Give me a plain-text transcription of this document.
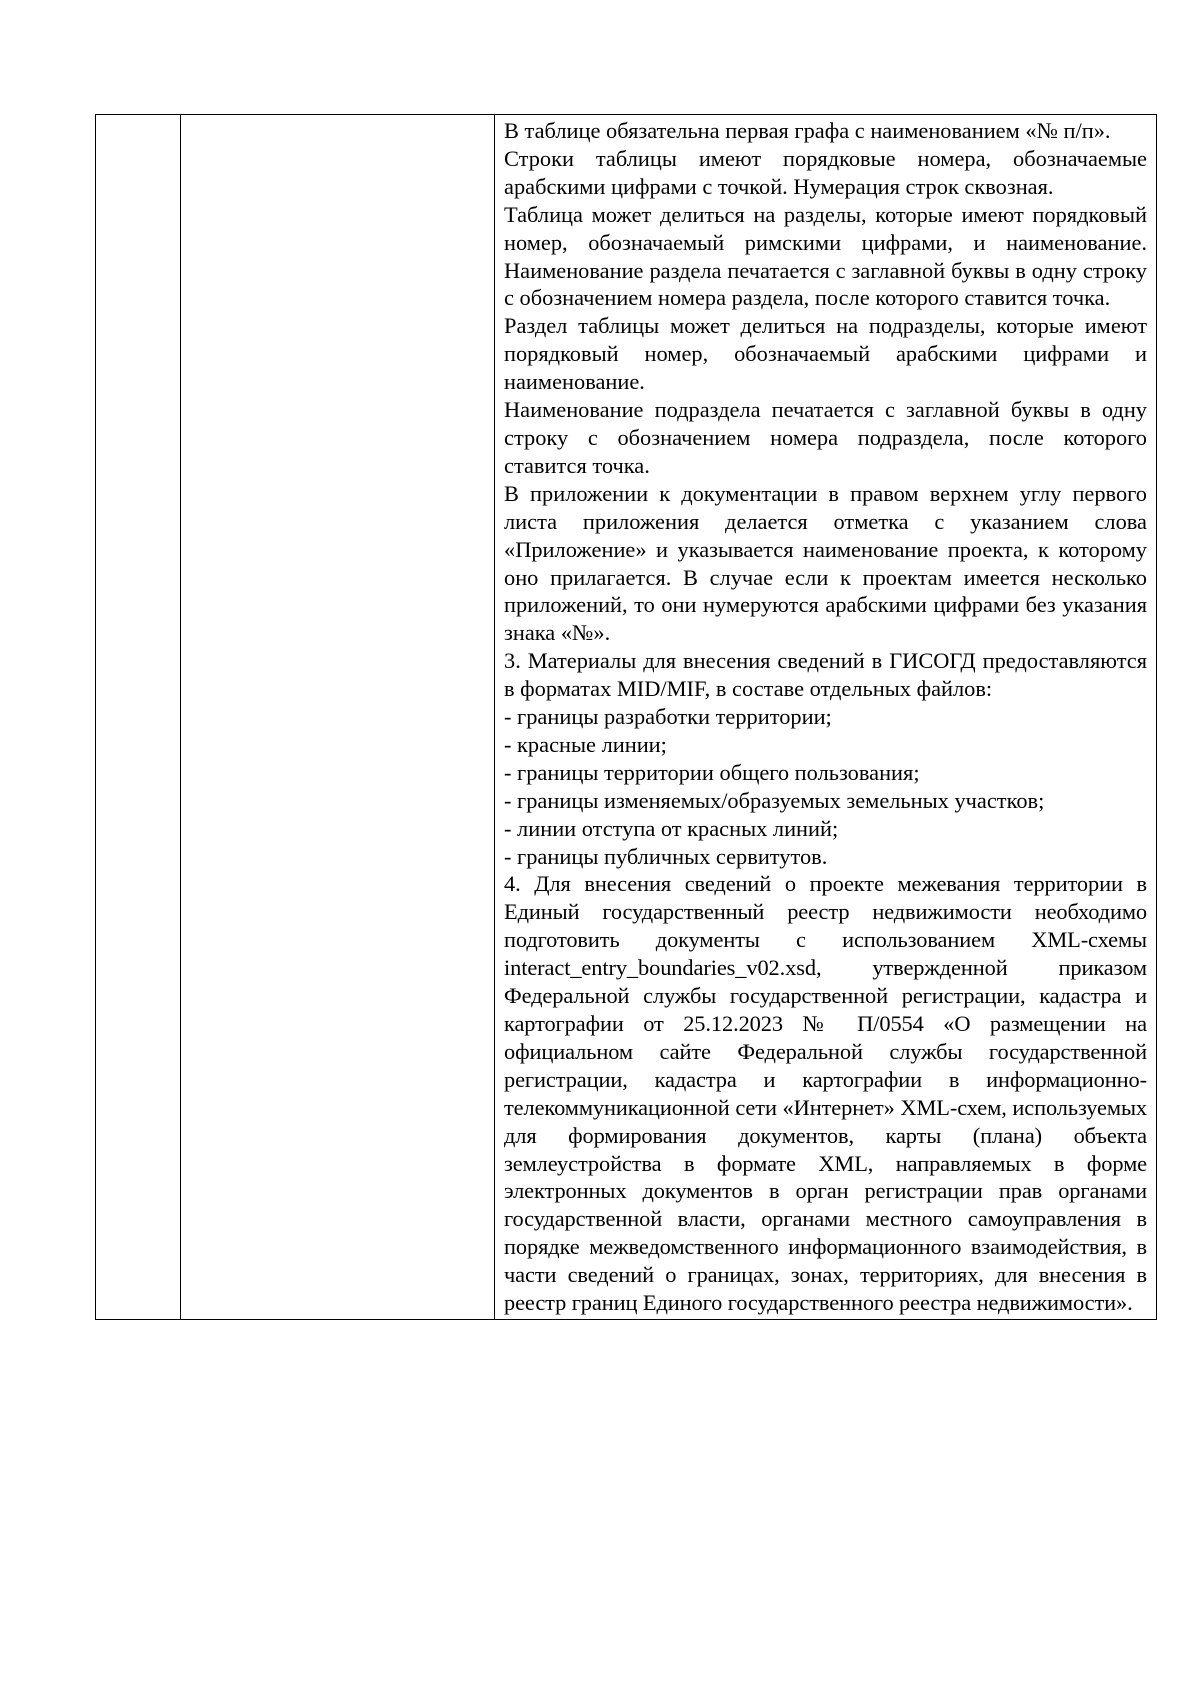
В таблице обязательна первая графа с наименованием «№ п/п».

Строки таблицы имеют порядковые номера, обозначаемые арабскими цифрами с точкой. Нумерация строк сквозная.

Таблица может делиться на разделы, которые имеют порядковый номер, обозначаемый римскими цифрами, и наименование. Наименование раздела печатается с заглавной буквы в одну строку с обозначением номера раздела, после которого ставится точка.

Раздел таблицы может делиться на подразделы, которые имеют порядковый номер, обозначаемый арабскими цифрами и наименование.

Наименование подраздела печатается с заглавной буквы в одну строку с обозначением номера подраздела, после которого ставится точка.

В приложении к документации в правом верхнем углу первого листа приложения делается отметка с указанием слова «Приложение» и указывается наименование проекта, к которому оно прилагается. В случае если к проектам имеется несколько приложений, то они нумеруются арабскими цифрами без указания знака «№».

3. Материалы для внесения сведений в ГИСОГД предоставляются в форматах MID/MIF, в составе отдельных файлов:

- границы разработки территории;

- красные линии;

- границы территории общего пользования;

- границы изменяемых/образуемых земельных участков;

- линии отступа от красных линий;

- границы публичных сервитутов.

4. Для внесения сведений о проекте межевания территории в Единый государственный реестр недвижимости необходимо подготовить документы с использованием XML-схемы interact_entry_boundaries_v02.xsd, утвержденной приказом Федеральной службы государственной регистрации, кадастра и картографии от 25.12.2023 № П/0554 «О размещении на официальном сайте Федеральной службы государственной регистрации, кадастра и картографии в информационно-телекоммуникационной сети «Интернет» XML-схем, используемых для формирования документов, карты (плана) объекта землеустройства в формате XML, направляемых в форме электронных документов в орган регистрации прав органами государственной власти, органами местного самоуправления в порядке межведомственного информационного взаимодействия, в части сведений о границах, зонах, территориях, для внесения в реестр границ Единого государственного реестра недвижимости».
